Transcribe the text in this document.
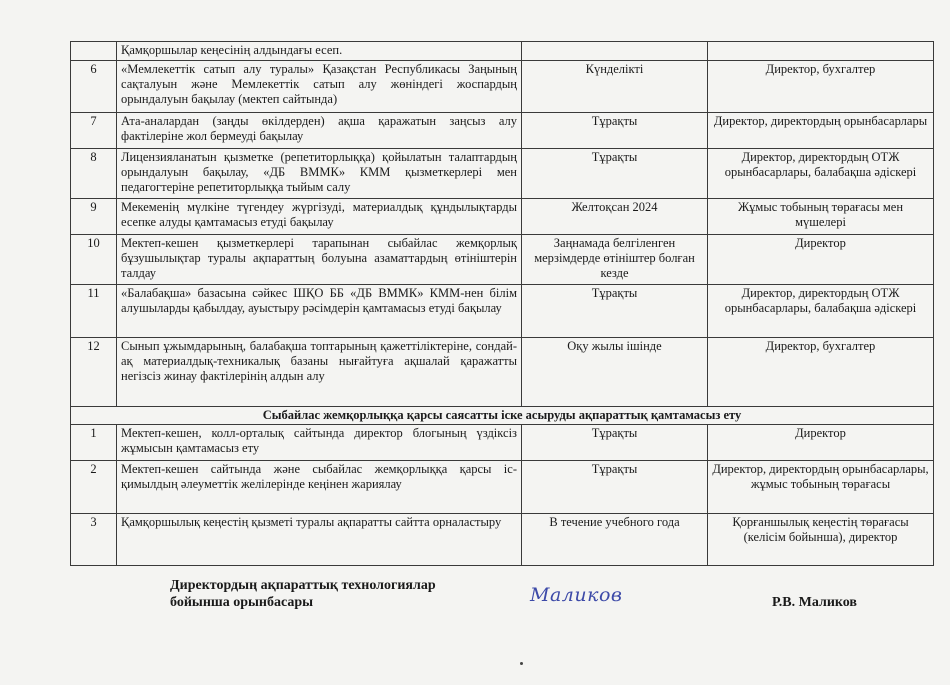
	Қамқоршылар кеңесінің алдындағы есеп.		
6	«Мемлекеттік сатып алу туралы» Қазақстан Республикасы Заңының сақталуын және Мемлекеттік сатып алу жөніндегі жоспардың орындалуын бақылау (мектеп сайтында)	Күнделікті	Директор, бухгалтер
7	Ата-аналардан (заңды өкілдерден) ақша қаражатын заңсыз алу фактілеріне жол бермеуді бақылау	Тұрақты	Директор, директордың орынбасарлары
8	Лицензияланатын қызметке (репетиторлыққа) қойылатын талаптардың орындалуын бақылау, «ДБ ВММК» КММ қызметкерлері мен педагогтеріне репетиторлыққа тыйым салу	Тұрақты	Директор, директордың ОТЖ орынбасарлары, балабақша әдіскері
9	Мекеменің мүлкіне түгендеу жүргізуді, материалдық құндылықтарды есепке алуды қамтамасыз етуді бақылау	Желтоқсан 2024	Жұмыс тобының төрағасы мен мүшелері
10	Мектеп-кешен қызметкерлері тарапынан сыбайлас жемқорлық бұзушылықтар туралы ақпараттың болуына азаматтардың өтініштерін талдау	Заңнамада белгіленген мерзімдерде өтініштер болған кезде	Директор
11	«Балабақша» базасына сәйкес ШҚО ББ «ДБ ВММК» КММ-нен білім алушыларды қабылдау, ауыстыру рәсімдерін қамтамасыз етуді бақылау	Тұрақты	Директор, директордың ОТЖ орынбасарлары, балабақша әдіскері
12	Сынып ұжымдарының, балабақша топтарының қажеттіліктеріне, сондай-ақ материалдық-техникалық базаны нығайтуға ақшалай қаражатты негізсіз жинау фактілерінің алдын алу	Оқу жылы ішінде	Директор, бухгалтер
Сыбайлас жемқорлыққа қарсы саясатты іске асыруды ақпараттық қамтамасыз ету			
1	Мектеп-кешен, колл-орталық сайтында директор блогының үздіксіз жұмысын қамтамасыз ету	Тұрақты	Директор
2	Мектеп-кешен сайтында және сыбайлас жемқорлыққа қарсы іс-қимылдың әлеуметтік желілерінде кеңінен жариялау	Тұрақты	Директор, директордың орынбасарлары, жұмыс тобының төрағасы
3	Қамқоршылық кеңестің қызметі туралы ақпаратты сайтта орналастыру	В течение учебного года	Қорғаншылық кеңестің төрағасы (келісім бойынша), директор
Директордың ақпараттық технологиялар
бойынша орынбасары	Маликов	Р.В. Маликов
